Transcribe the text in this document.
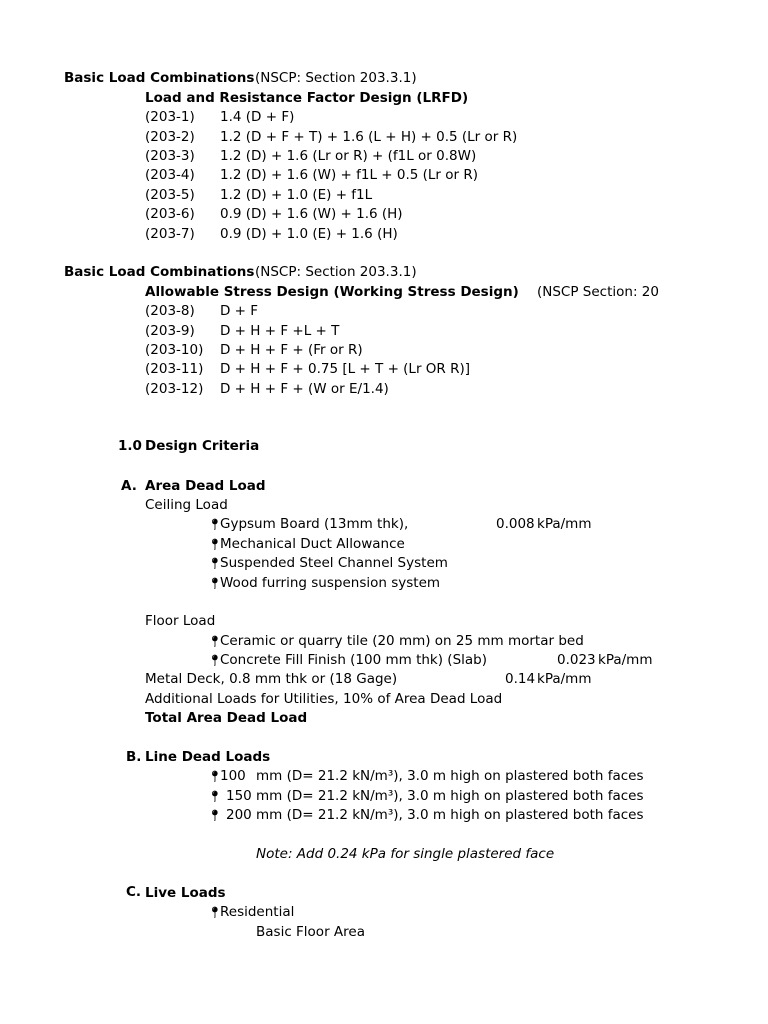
Basic Load Combinations (NSCP: Section 203.3.1)
Load and Resistance Factor Design (LRFD)
(203-1) 1.4 (D + F)
(203-2) 1.2 (D + F + T) + 1.6 (L + H) + 0.5 (Lr or R)
(203-3) 1.2 (D) + 1.6 (Lr or R) + (f1L or 0.8W)
(203-4) 1.2 (D) + 1.6 (W) + f1L + 0.5 (Lr or R)
(203-5) 1.2 (D) + 1.0 (E) + f1L
(203-6) 0.9 (D) + 1.6 (W) + 1.6 (H)
(203-7) 0.9 (D) + 1.0 (E) + 1.6 (H)
Basic Load Combinations (NSCP: Section 203.3.1)
Allowable Stress Design (Working Stress Design) (NSCP Section: 20
(203-8) D + F
(203-9) D + H + F +L + T
(203-10) D + H + F + (Fr or R)
(203-11) D + H + F + 0.75 [L + T + (Lr OR R)]
(203-12) D + H + F + (W or E/1.4)
1.0 Design Criteria
A. Area Dead Load
Ceiling Load
📍︎Gypsum Board (13mm thk),	0.008 kPa/mm
📍︎Mechanical Duct Allowance
📍︎Suspended Steel Channel System
📍︎Wood furring suspension system
Floor Load
📍︎Ceramic or quarry tile (20 mm) on 25 mm mortar bed
📍︎Concrete Fill Finish (100 mm thk) (Slab)	0.023 kPa/mm
Metal Deck, 0.8 mm thk or (18 Gage)	0.14 kPa/mm
Additional Loads for Utilities, 10% of Area Dead Load
Total Area Dead Load
B. Line Dead Loads
📍︎100 mm (D= 21.2 kN/m³), 3.0 m high on plastered both faces
📍︎ 150 mm (D= 21.2 kN/m³), 3.0 m high on plastered both faces
📍︎ 200 mm (D= 21.2 kN/m³), 3.0 m high on plastered both faces
Note: Add 0.24 kPa for single plastered face
C. Live Loads
📍︎Residential
Basic Floor Area
